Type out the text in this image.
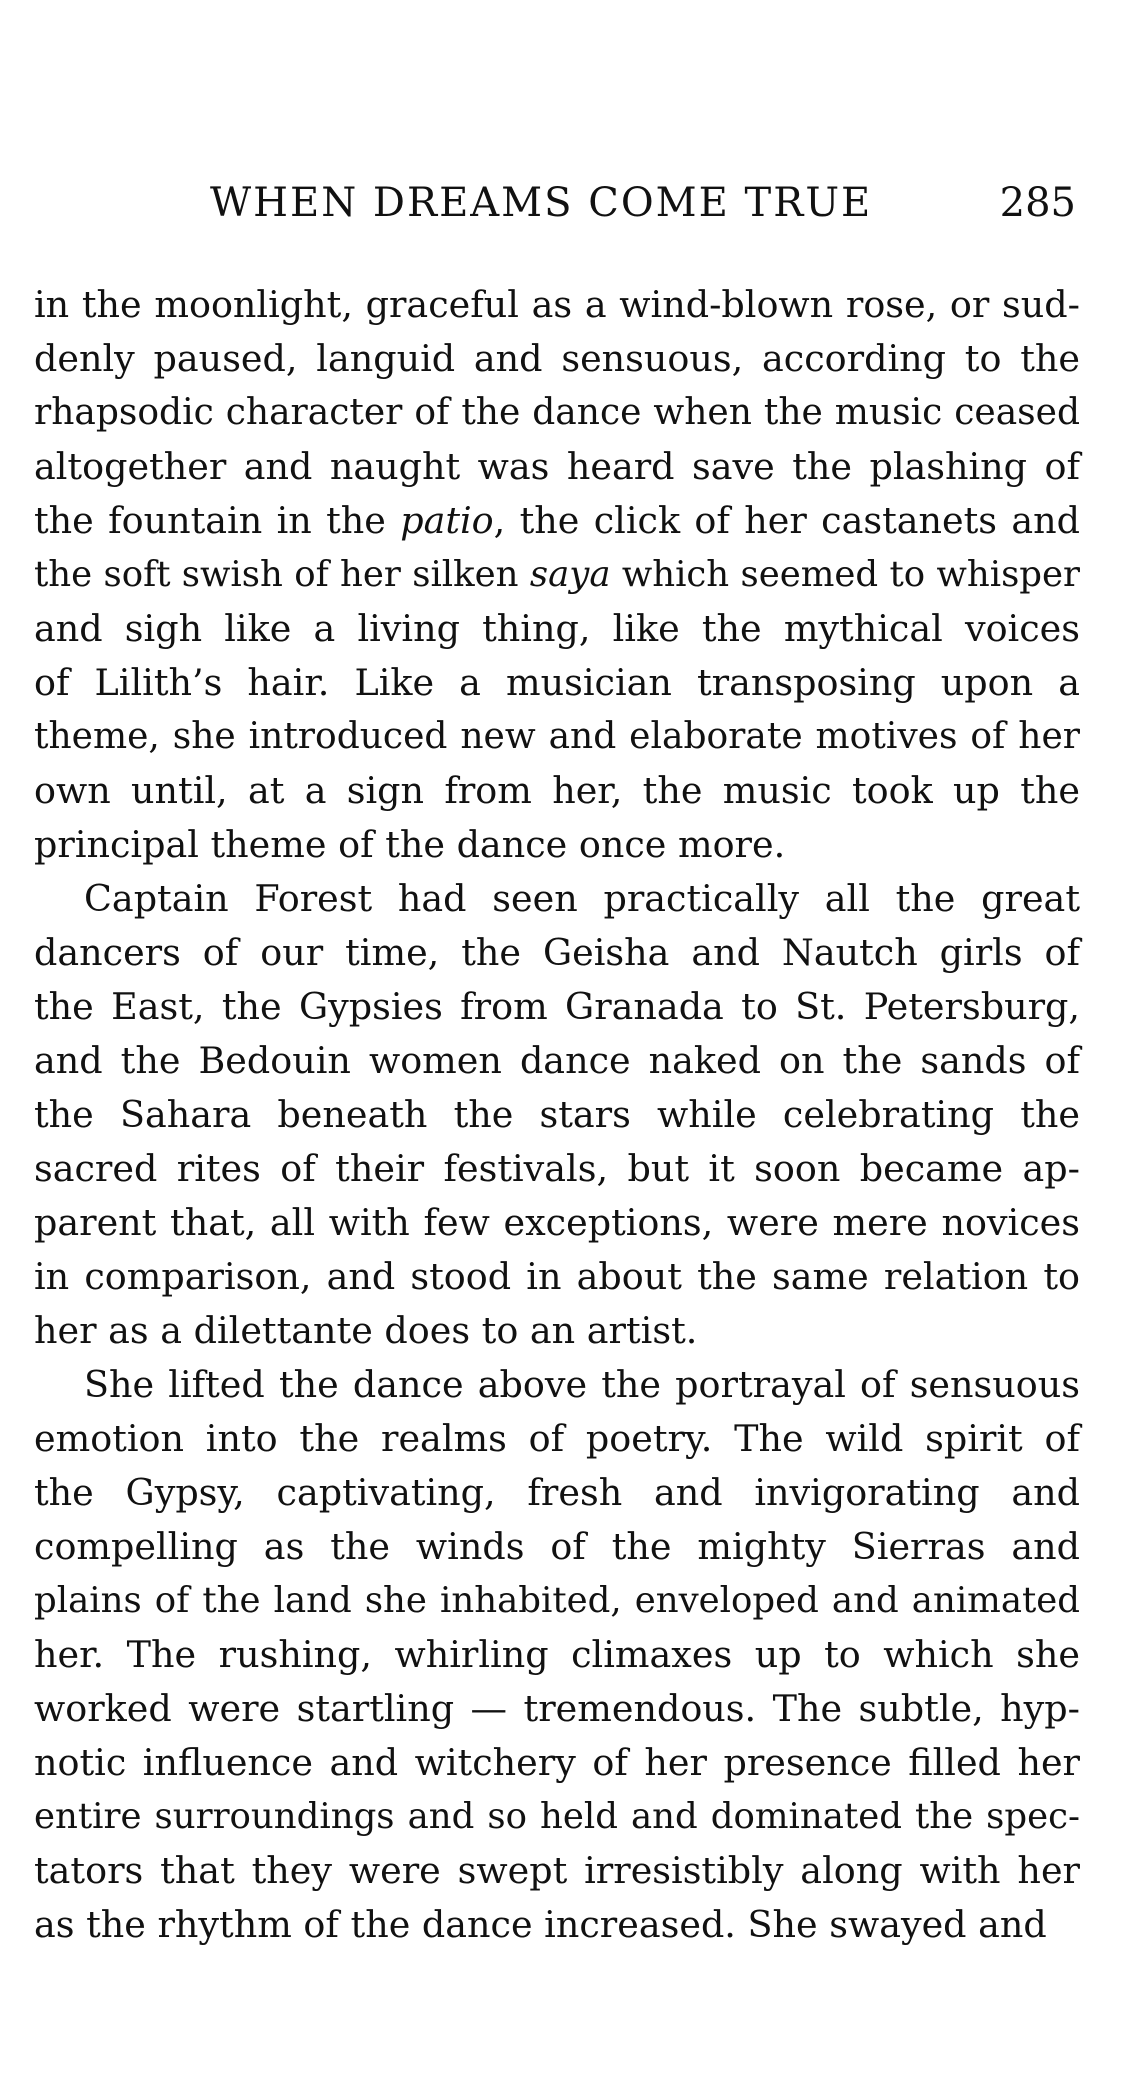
WHEN DREAMS COME TRUE	285
in the moonlight, graceful as a wind-blown rose, or sud-
denly paused, languid and sensuous, according to the
rhapsodic character of the dance when the music ceased
altogether and naught was heard save the plashing of
the fountain in the patio, the click of her castanets and
the soft swish of her silken saya which seemed to whisper
and sigh like a living thing, like the mythical voices
of Lilith’s hair. Like a musician transposing upon a
theme, she introduced new and elaborate motives of her
own until, at a sign from her, the music took up the
principal theme of the dance once more.
Captain Forest had seen practically all the great
dancers of our time, the Geisha and Nautch girls of
the East, the Gypsies from Granada to St. Petersburg,
and the Bedouin women dance naked on the sands of
the Sahara beneath the stars while celebrating the
sacred rites of their festivals, but it soon became ap-
parent that, all with few exceptions, were mere novices
in comparison, and stood in about the same relation to
her as a dilettante does to an artist.
She lifted the dance above the portrayal of sensuous
emotion into the realms of poetry. The wild spirit of
the Gypsy, captivating, fresh and invigorating and
compelling as the winds of the mighty Sierras and
plains of the land she inhabited, enveloped and animated
her. The rushing, whirling climaxes up to which she
worked were startling — tremendous. The subtle, hyp-
notic influence and witchery of her presence filled her
entire surroundings and so held and dominated the spec-
tators that they were swept irresistibly along with her
as the rhythm of the dance increased. She swayed and
